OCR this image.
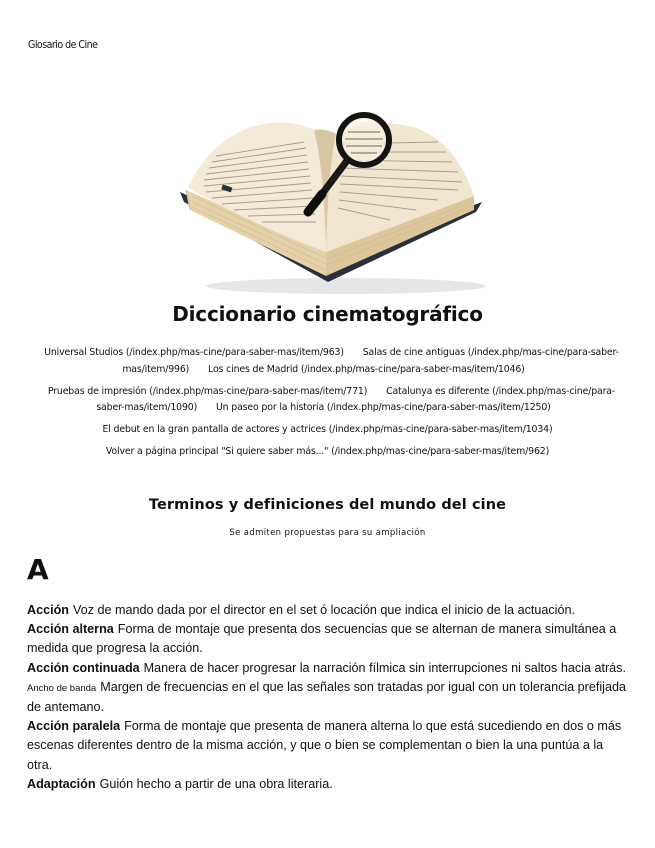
Glosario de Cine
Diccionario cinematográfico
Universal Studios (/index.php/mas-cine/para-saber-mas/item/963) Salas de cine antiguas (/index.php/mas-cine/para-saber-mas/item/996) Los cines de Madrid (/index.php/mas-cine/para-saber-mas/item/1046)
Pruebas de impresión (/index.php/mas-cine/para-saber-mas/item/771) Catalunya es diferente (/index.php/mas-cine/para-saber-mas/item/1090) Un paseo por la historia (/index.php/mas-cine/para-saber-mas/item/1250)
El debut en la gran pantalla de actores y actrices (/index.php/mas-cine/para-saber-mas/item/1034)
Volver a página principal "Si quiere saber más..." (/index.php/mas-cine/para-saber-mas/item/962)
Terminos y definiciones del mundo del cine
Se admiten propuestas para su ampliación
A

Acción Voz de mando dada por el director en el set ó locación que indica el inicio de la actuación.

Acción alterna Forma de montaje que presenta dos secuencias que se alternan de manera simultánea a medida que progresa la acción.

Acción continuada Manera de hacer progresar la narración fílmica sin interrupciones ni saltos hacia atrás.

Ancho de banda Margen de frecuencias en el que las señales son tratadas por igual con un tolerancia prefijada de antemano.

Acción paralela Forma de montaje que presenta de manera alterna lo que está sucediendo en dos o más escenas diferentes dentro de la misma acción, y que o bien se complementan o bien la una puntúa a la otra.

Adaptación Guión hecho a partir de una obra literaria.
